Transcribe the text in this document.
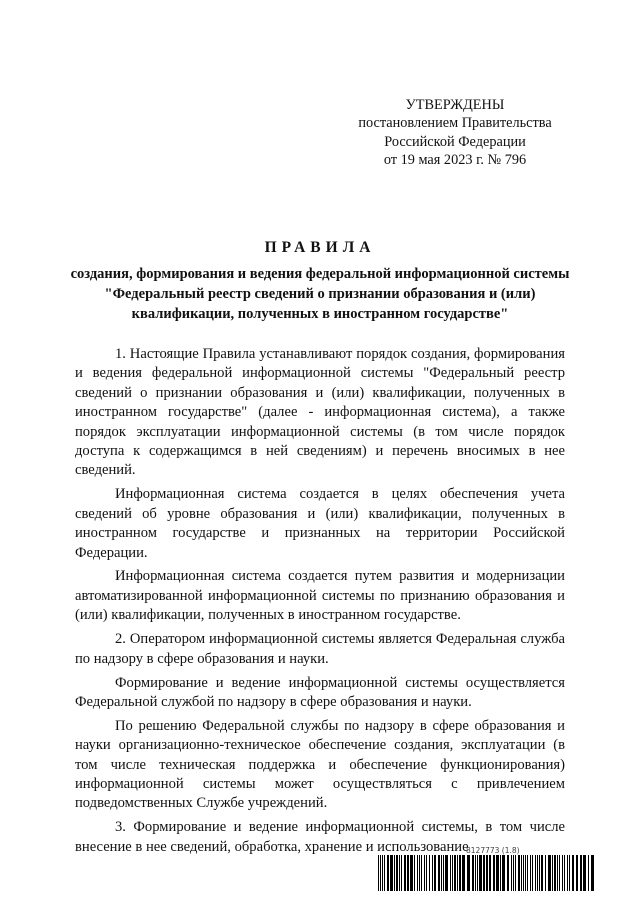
УТВЕРЖДЕНЫ
постановлением Правительства
Российской Федерации
от 19 мая 2023 г. № 796
ПРАВИЛА
создания, формирования и ведения федеральной информационной системы "Федеральный реестр сведений о признании образования и (или) квалификации, полученных в иностранном государстве"

1. Настоящие Правила устанавливают порядок создания, формирования и ведения федеральной информационной системы "Федеральный реестр сведений о признании образования и (или) квалификации, полученных в иностранном государстве" (далее - информационная система), а также порядок эксплуатации информационной системы (в том числе порядок доступа к содержащимся в ней сведениям) и перечень вносимых в нее сведений.

Информационная система создается в целях обеспечения учета сведений об уровне образования и (или) квалификации, полученных в иностранном государстве и признанных на территории Российской Федерации.

Информационная система создается путем развития и модернизации автоматизированной информационной системы по признанию образования и (или) квалификации, полученных в иностранном государстве.

2. Оператором информационной системы является Федеральная служба по надзору в сфере образования и науки.

Формирование и ведение информационной системы осуществляется Федеральной службой по надзору в сфере образования и науки.

По решению Федеральной службы по надзору в сфере образования и науки организационно-техническое обеспечение создания, эксплуатации (в том числе техническая поддержка и обеспечение функционирования) информационной системы может осуществляться с привлечением подведомственных Службе учреждений.

3. Формирование и ведение информационной системы, в том числе внесение в нее сведений, обработка, хранение и использование

8127773 (1.8)
